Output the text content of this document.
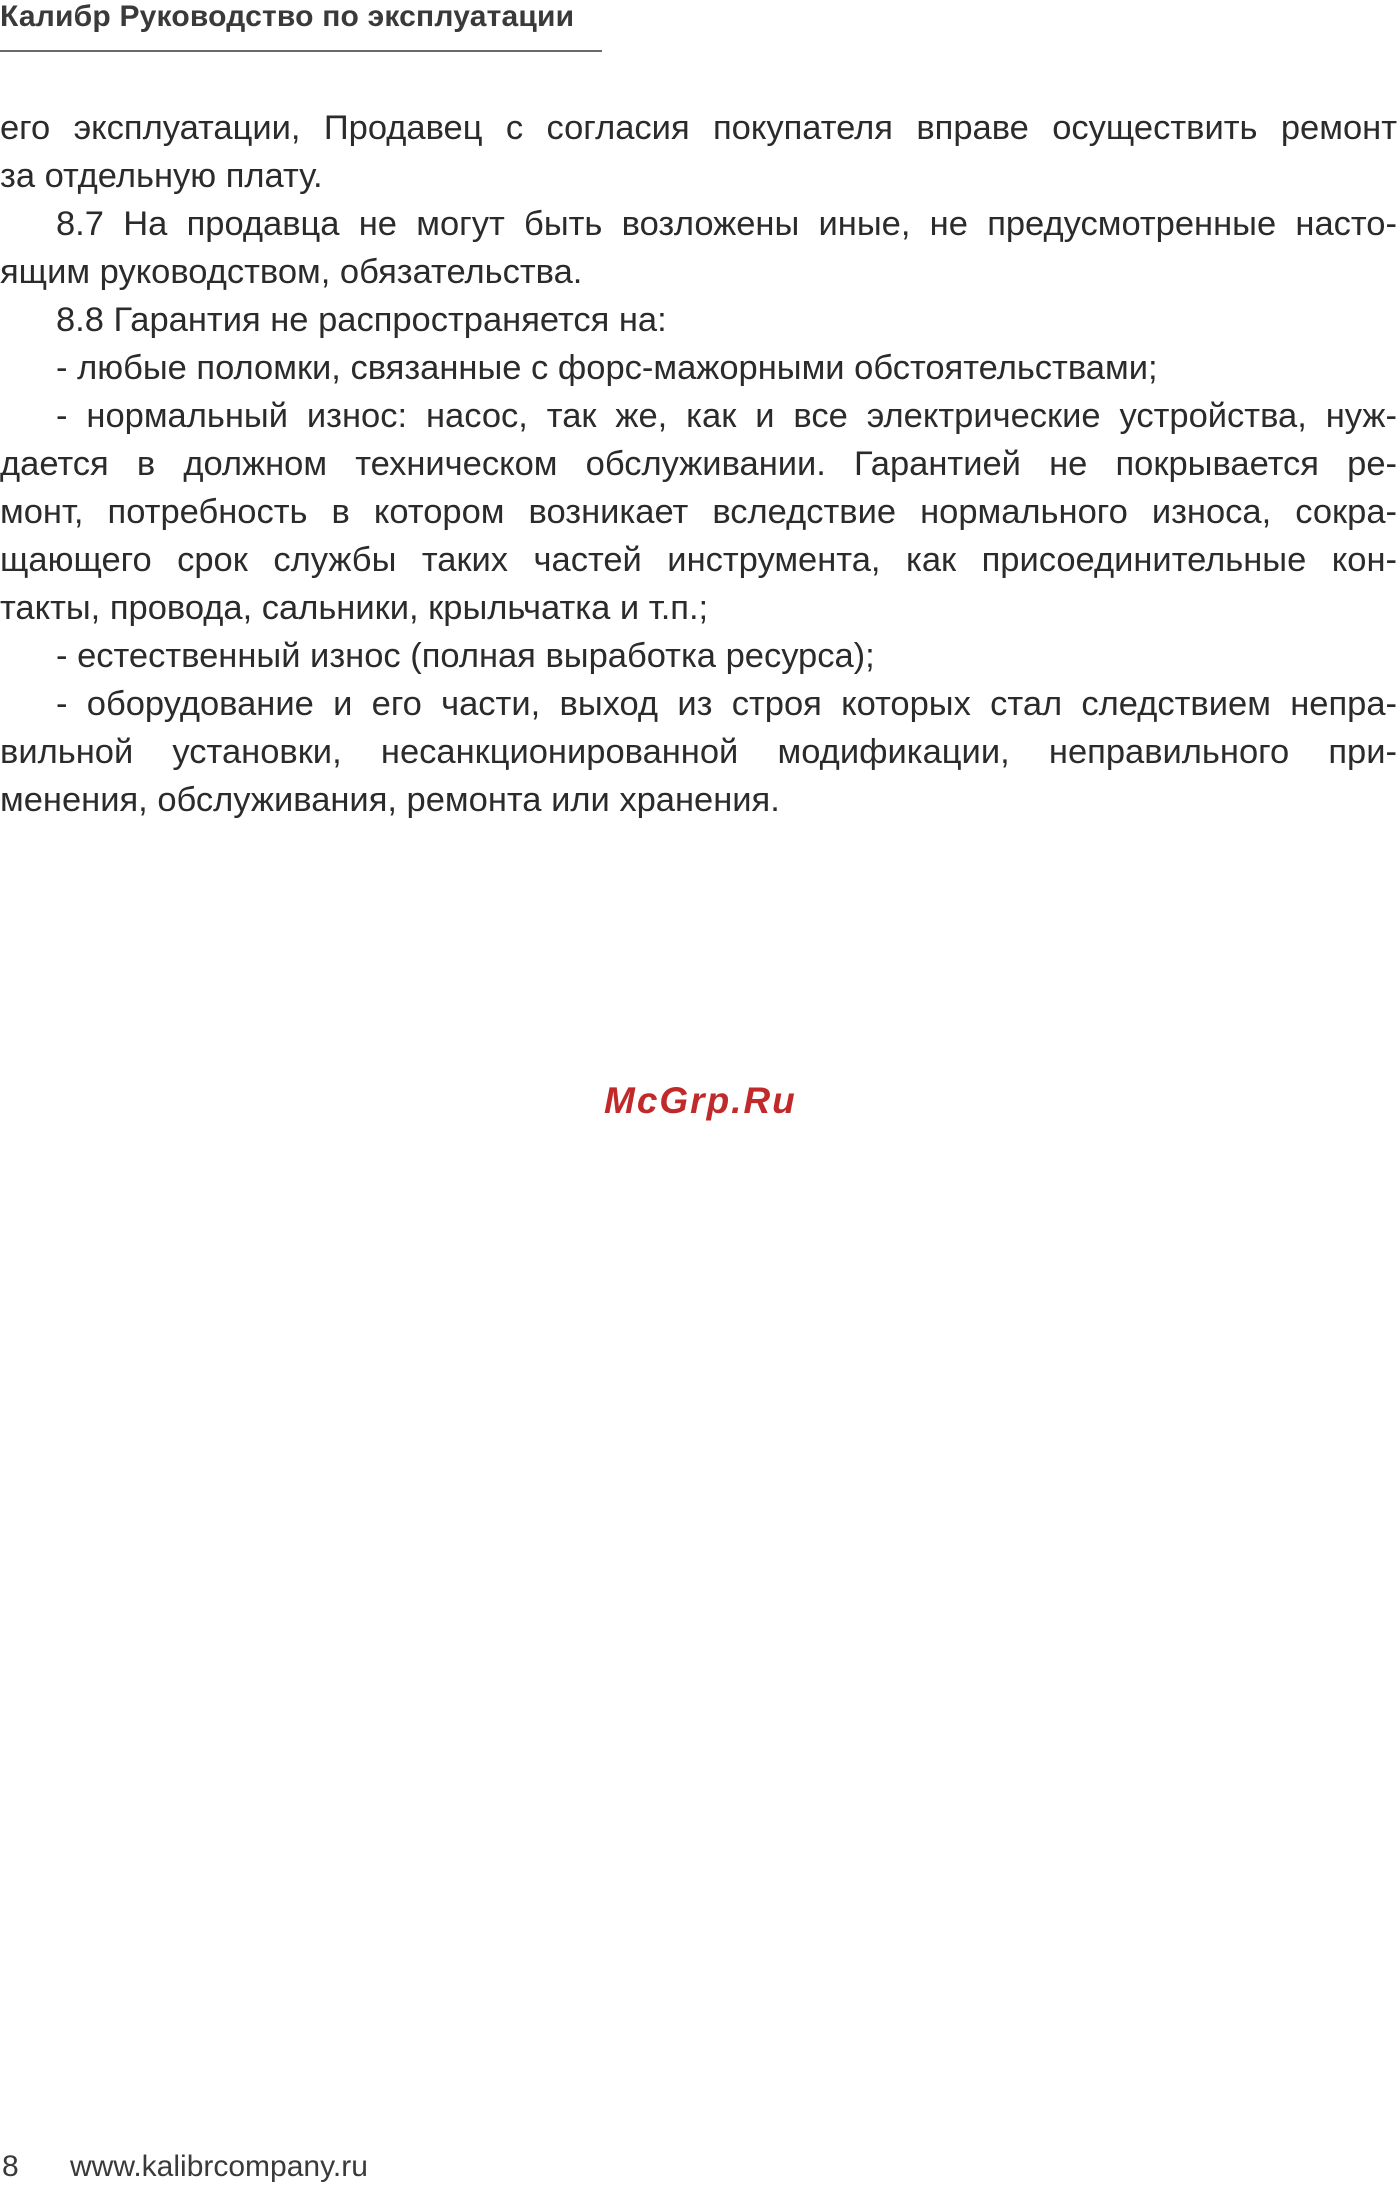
Калибр Руководство по эксплуатации
его эксплуатации, Продавец с согласия покупателя вправе осуществить ремонт
за отдельную плату.
8.7 На продавца не могут быть возложены иные, не предусмотренные насто-
ящим руководством, обязательства.
8.8 Гарантия не распространяется на:
- любые поломки, связанные с форс-мажорными обстоятельствами;
- нормальный износ: насос, так же, как и все электрические устройства, нуж-
дается в должном техническом обслуживании. Гарантией не покрывается ре-
монт, потребность в котором возникает вследствие нормального износа, сокра-
щающего срок службы таких частей инструмента, как присоединительные кон-
такты, провода, сальники, крыльчатка и т.п.;
- естественный износ (полная выработка ресурса);
- оборудование и его части, выход из строя которых стал следствием непра-
вильной установки, несанкционированной модификации, неправильного при-
менения, обслуживания, ремонта или хранения.
McGrp.Ru
8 www.kalibrcompany.ru
